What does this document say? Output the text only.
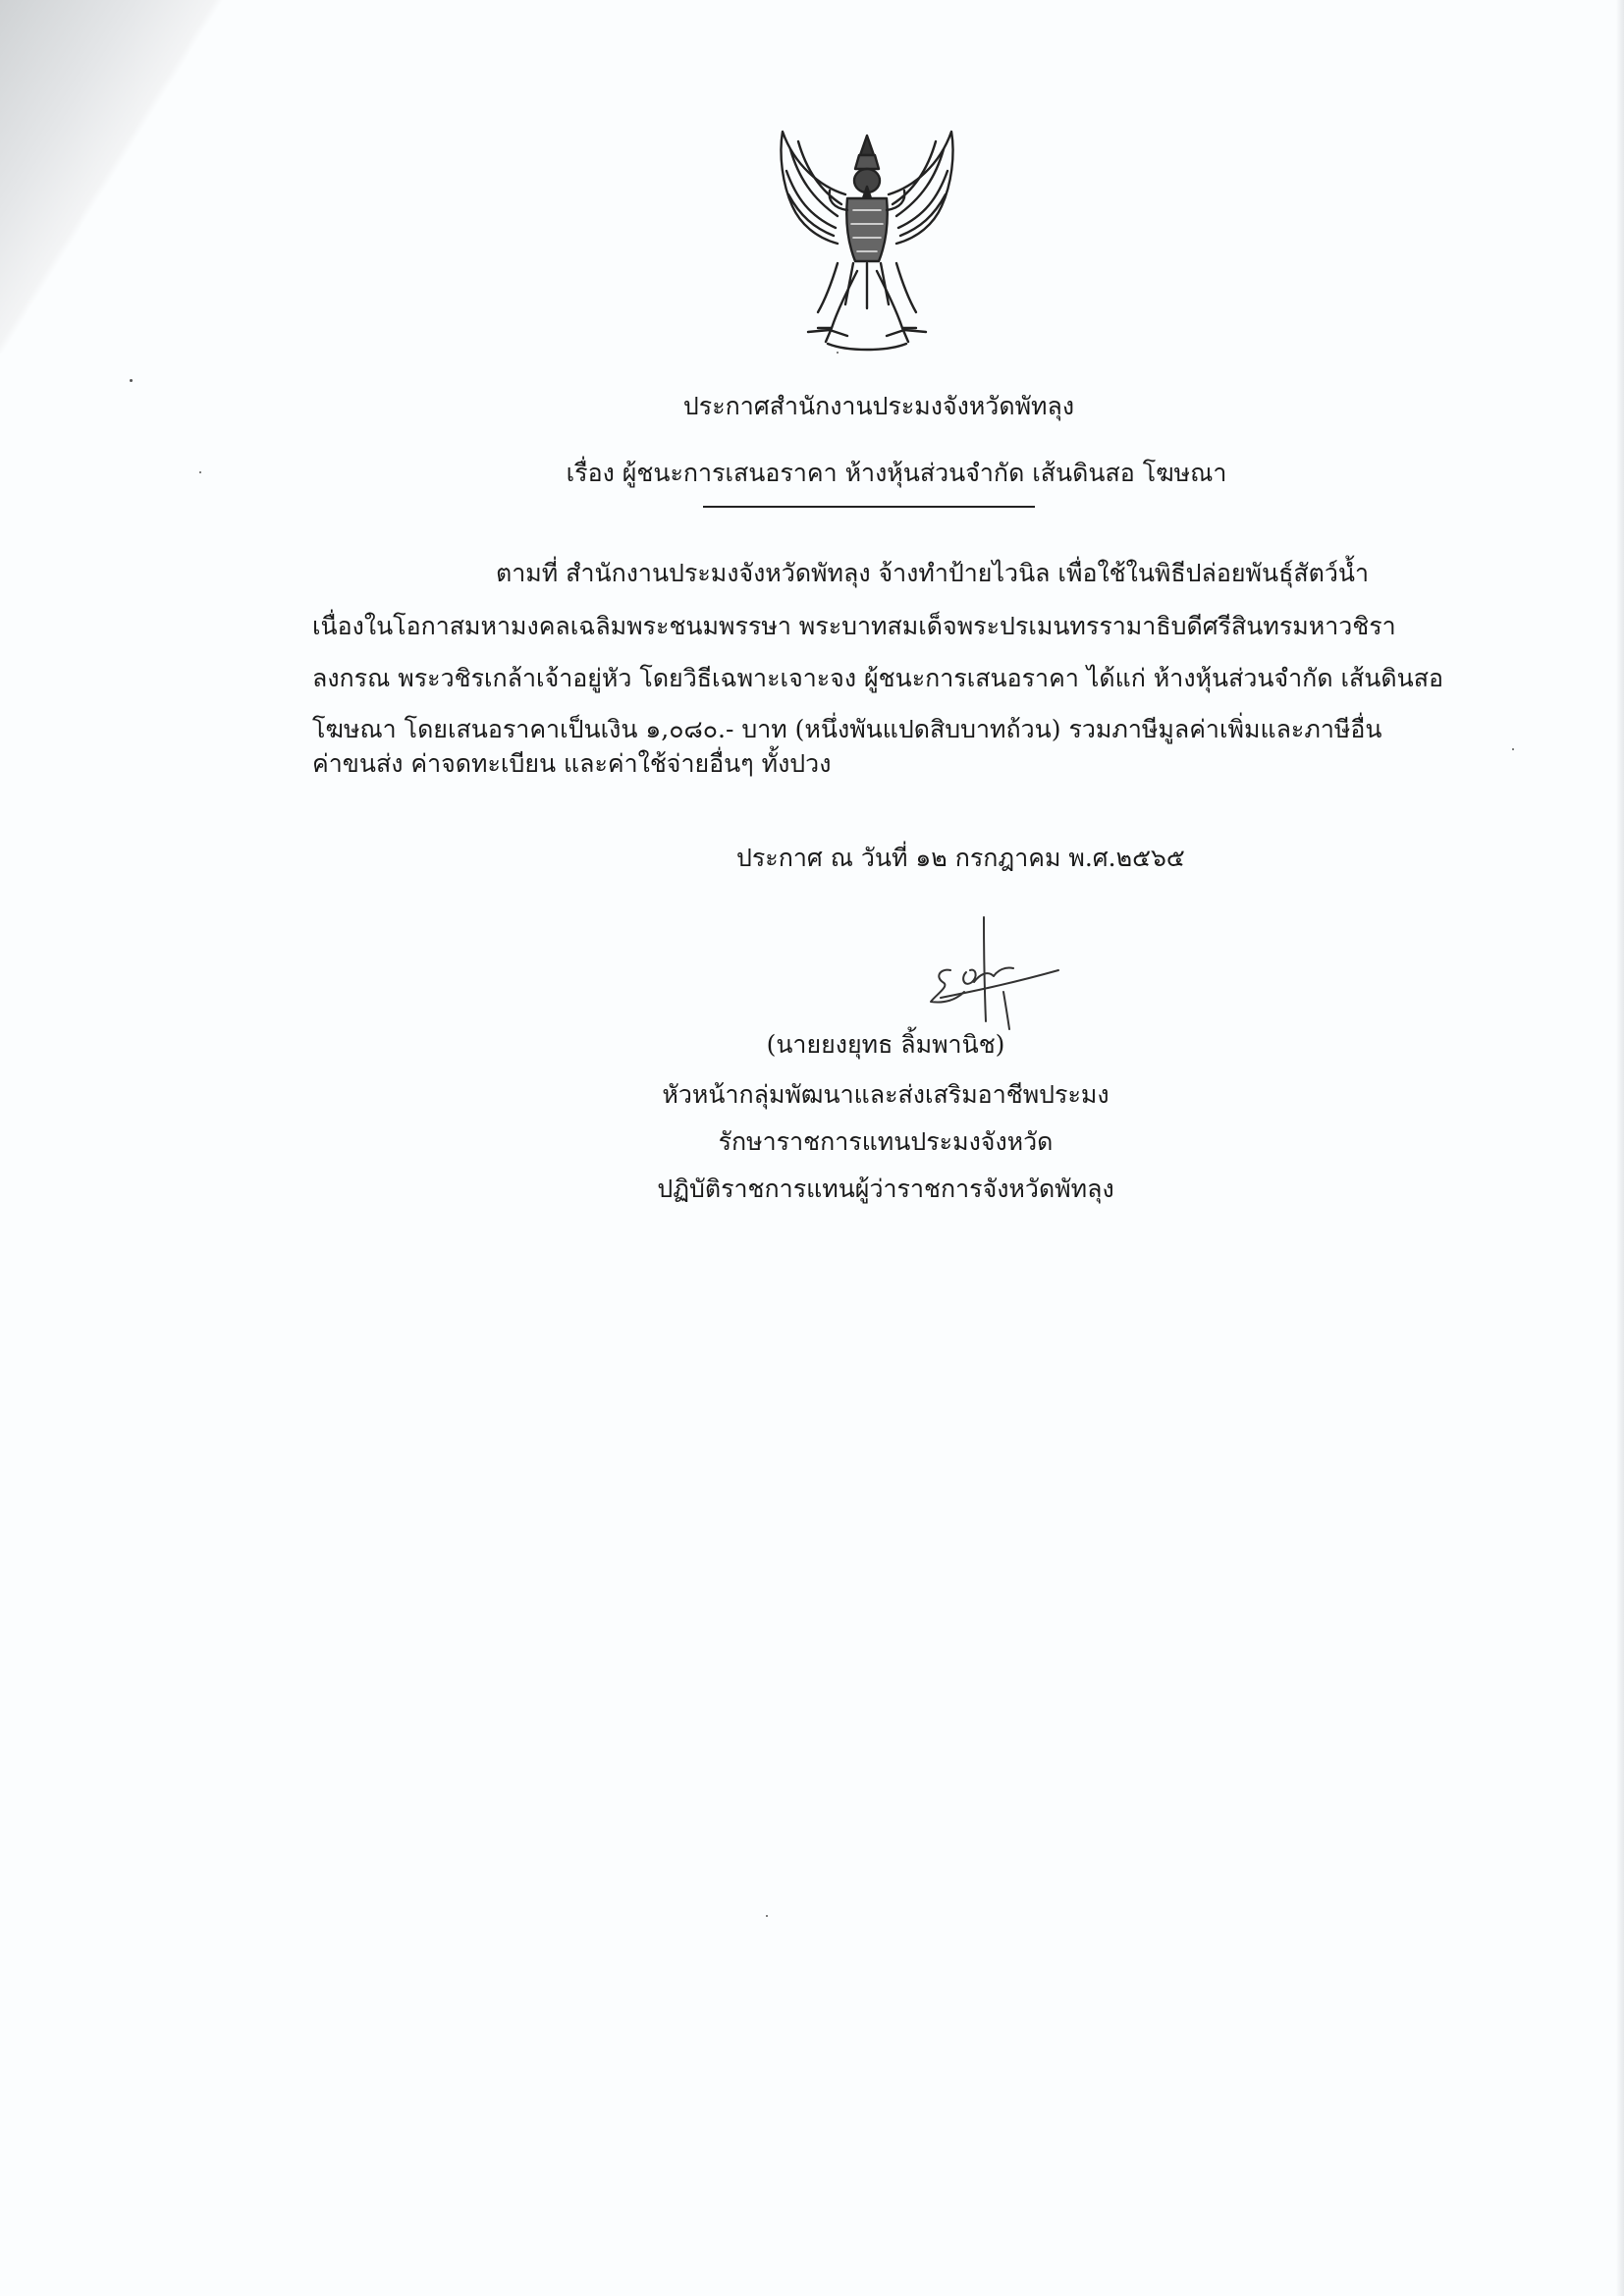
ประกาศสำนักงานประมงจังหวัดพัทลุง
เรื่อง ผู้ชนะการเสนอราคา ห้างหุ้นส่วนจำกัด เส้นดินสอ โฆษณา
ตามที่ สำนักงานประมงจังหวัดพัทลุง จ้างทำป้ายไวนิล เพื่อใช้ในพิธีปล่อยพันธุ์สัตว์น้ำ
เนื่องในโอกาสมหามงคลเฉลิมพระชนมพรรษา พระบาทสมเด็จพระปรเมนทรรามาธิบดีศรีสินทรมหาวชิรา
ลงกรณ พระวชิรเกล้าเจ้าอยู่หัว โดยวิธีเฉพาะเจาะจง ผู้ชนะการเสนอราคา ได้แก่ ห้างหุ้นส่วนจำกัด เส้นดินสอ
โฆษณา โดยเสนอราคาเป็นเงิน ๑,๐๘๐.- บาท (หนึ่งพันแปดสิบบาทถ้วน) รวมภาษีมูลค่าเพิ่มและภาษีอื่น
ค่าขนส่ง ค่าจดทะเบียน และค่าใช้จ่ายอื่นๆ ทั้งปวง
ประกาศ ณ วันที่ ๑๒ กรกฎาคม พ.ศ.๒๕๖๕
(นายยงยุทธ ลิ้มพานิช)
หัวหน้ากลุ่มพัฒนาและส่งเสริมอาชีพประมง
รักษาราชการแทนประมงจังหวัด
ปฏิบัติราชการแทนผู้ว่าราชการจังหวัดพัทลุง
